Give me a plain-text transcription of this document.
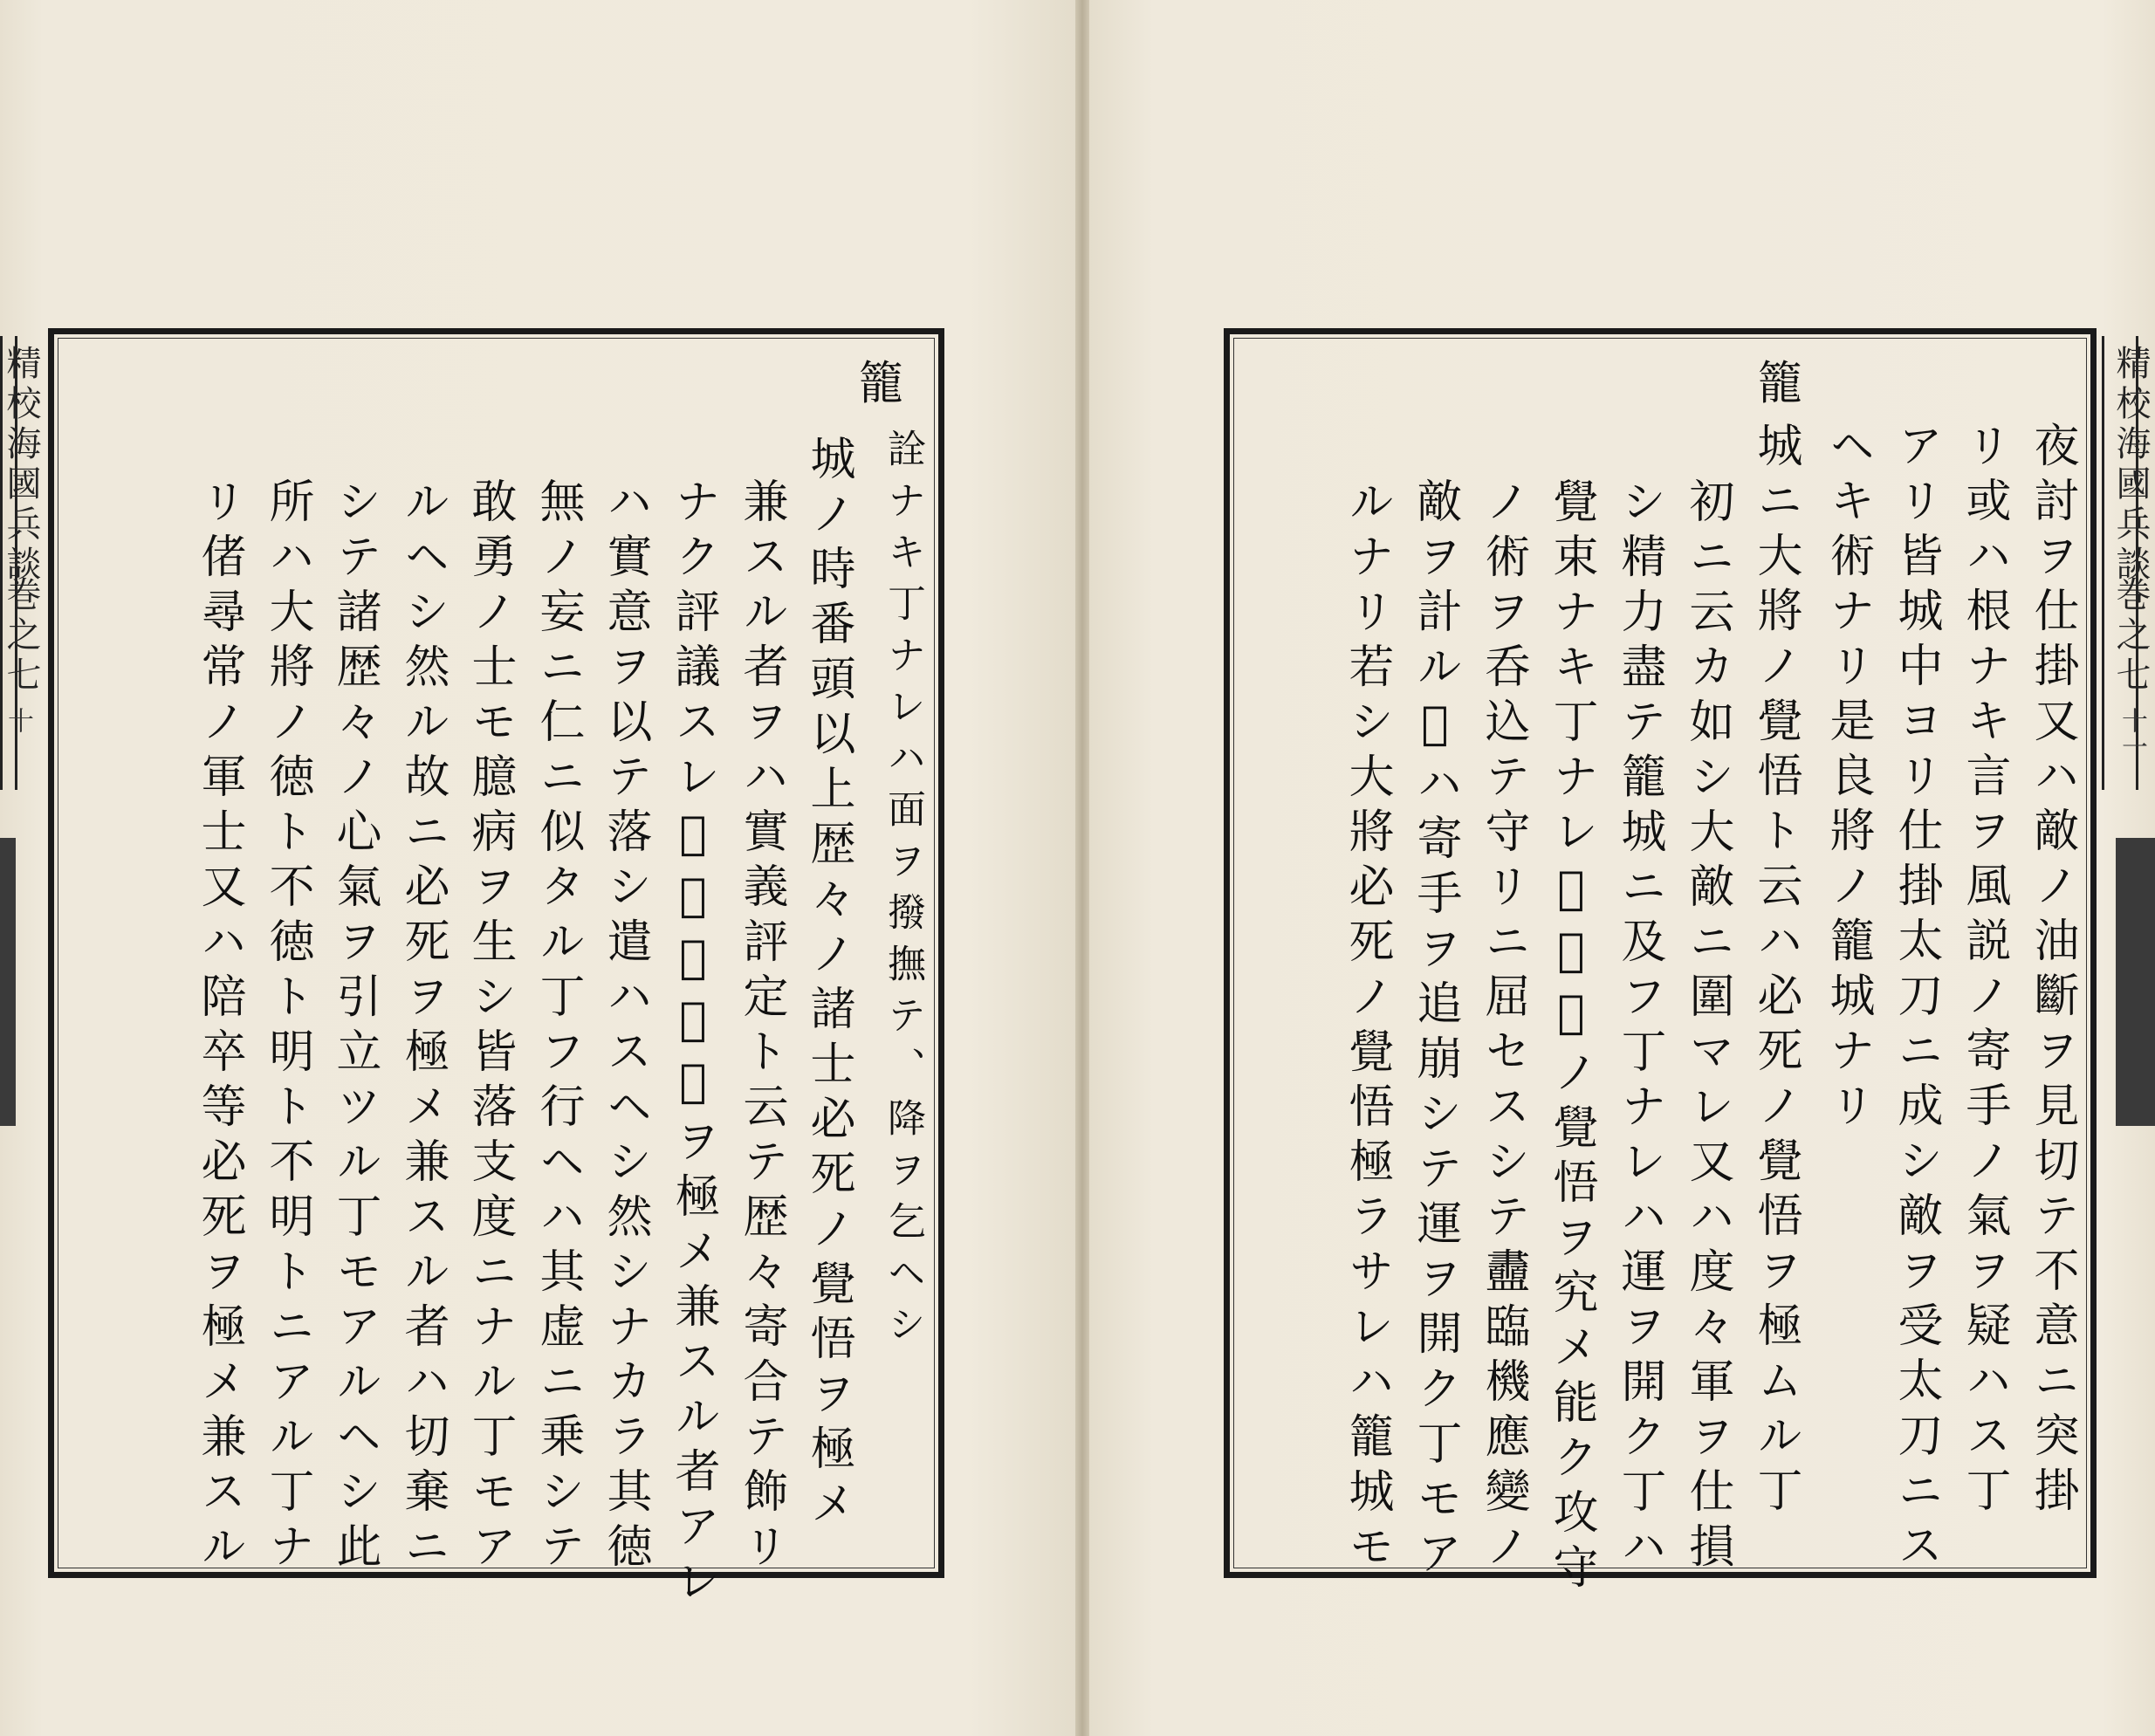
精校海國兵談
巻之七
十
籠
詮ナキ丁ナレハ面ヲ撥撫テ、降ヲ乞ヘシ
城ノ時番頭以上歴々ノ諸士必死ノ覺悟ヲ極メ
兼スル者ヲハ實義評定ト云テ歴々寄合テ飾リ
ナク評議スレ𪜈愈々必死ヲ極メ兼スル者アレ
ハ實意ヲ以テ落シ遣ハスヘシ然シナカラ其徳
無ノ妄ニ仁ニ似タル丁フ行ヘハ其虚ニ乗シテ
敢勇ノ士モ臆病ヲ生シ皆落支度ニナル丁モア
ルヘシ然ル故ニ必死ヲ極メ兼スル者ハ切棄ニ
シテ諸歴々ノ心氣ヲ引立ツル丁モアルヘシ此
所ハ大將ノ徳ト不徳ト明ト不明トニアル丁ナ
リ偖尋常ノ軍士又ハ陪卒等必死ヲ極メ兼スル	夜討ヲ仕掛又ハ敵ノ油斷ヲ見切テ不意ニ突掛
リ或ハ根ナキ言ヲ風説ノ寄手ノ氣ヲ疑ハス丁
アリ皆城中ヨリ仕掛太刀ニ成シ敵ヲ受太刀ニス
ヘキ術ナリ是良將ノ籠城ナリ
籠
城ニ大將ノ覺悟ト云ハ必死ノ覺悟ヲ極ムル丁
初ニ云カ如シ大敵ニ圍マレ又ハ度々軍ヲ仕損
シ精力盡テ籠城ニ及フ丁ナレハ運ヲ開ク丁ハ
覺束ナキ丁ナレ𪜈必死ノ覺悟ヲ究メ能ク攻守
ノ術ヲ呑込テ守リニ屈セスシテ䀌臨機應變ノ
敵ヲ計ル𪜈ハ寄手ヲ追崩シテ運ヲ開ク丁モア
ルナリ若シ大將必死ノ覺悟極ラサレハ籠城モ
精校海國兵談
巻之七
十一
